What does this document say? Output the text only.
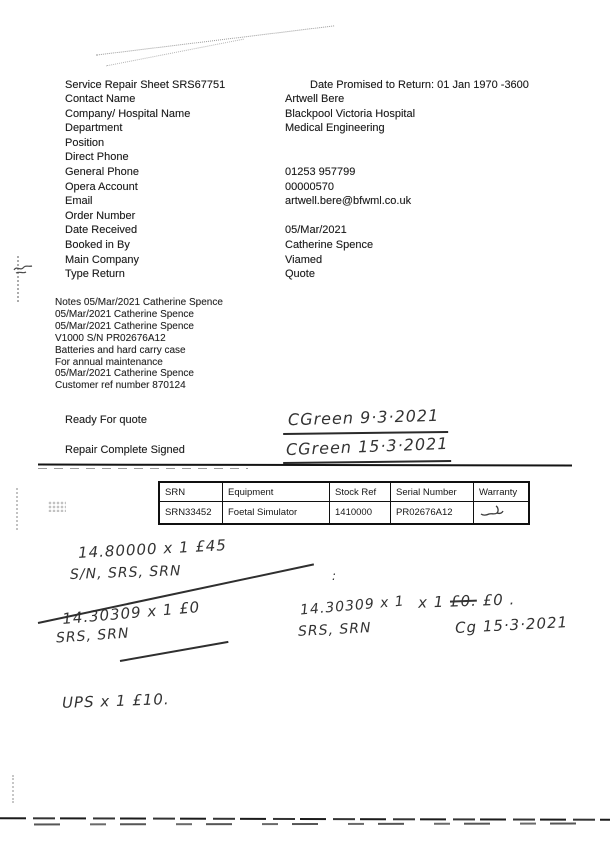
Service Repair Sheet SRS67751	Date Promised to Return: 01 Jan 1970 -3600
Contact Name	Artwell Bere
Company/ Hospital Name	Blackpool Victoria Hospital
Department	Medical Engineering
Position
Direct Phone
General Phone	01253 957799
Opera Account	00000570
Email	artwell.bere@bfwml.co.uk
Order Number
Date Received	05/Mar/2021
Booked in By	Catherine Spence
Main Company	Viamed
Type Return	Quote
Notes 05/Mar/2021 Catherine Spence
05/Mar/2021 Catherine Spence
05/Mar/2021 Catherine Spence
V1000 S/N PR02676A12
Batteries and hard carry case
For annual maintenance
05/Mar/2021 Catherine Spence
Customer ref number 870124
Ready For quote	CGreen 9·3·2021
Repair Complete Signed	CGreen 15·3·2021
SRN	Equipment	Stock Ref	Serial Number	Warranty
SRN33452	Foetal Simulator	1410000	PR02676A12	
14.80000 x 1 £45
S/N, SRS, SRN
14.30309 x 1 £0
SRS, SRN
:
14.30309 x 1
SRS, SRN
x 1 £0. £0 .
Cg 15·3·2021
UPS x 1 £10.
